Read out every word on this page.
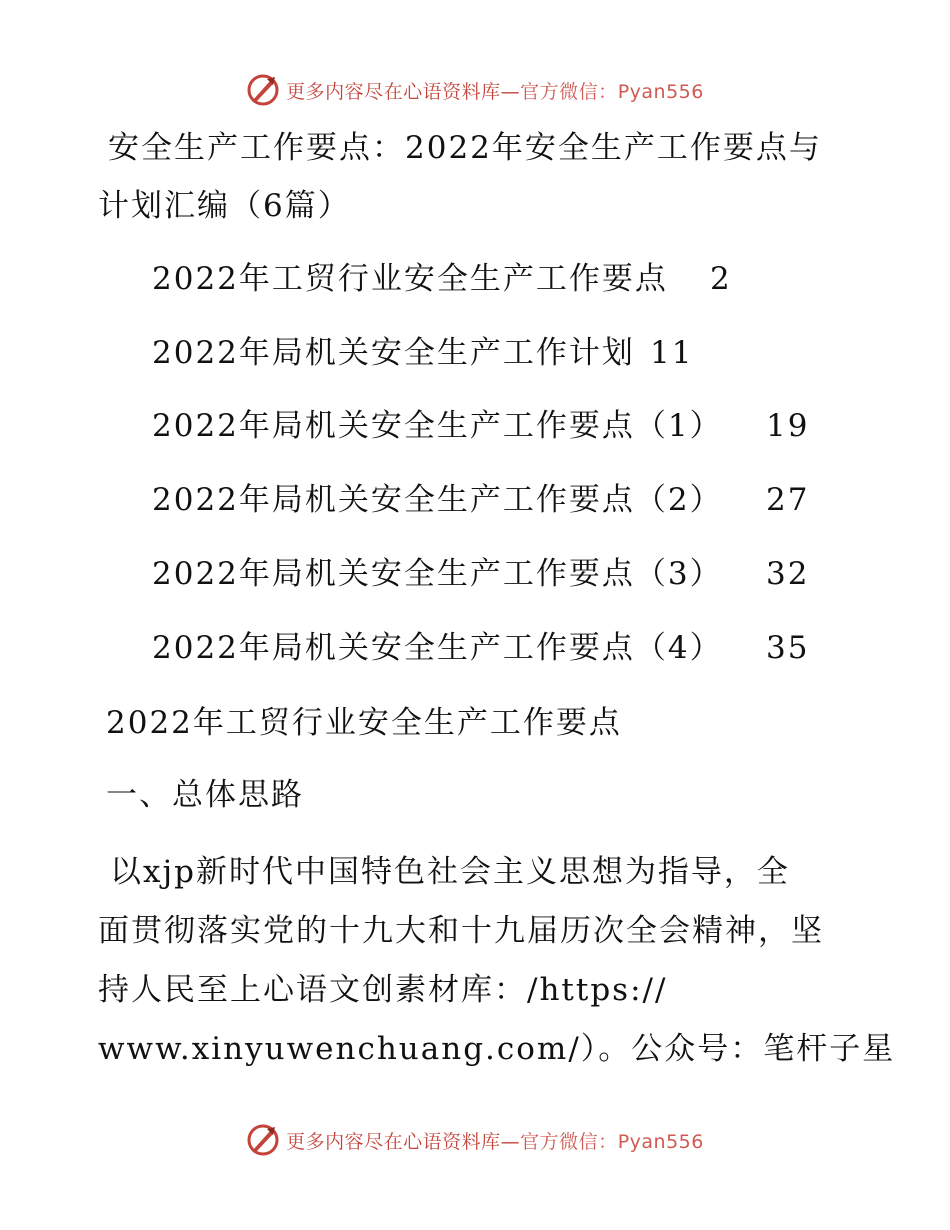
更多内容尽在心语资料库—官方微信：Pyan556
安全生产工作要点：2022年安全生产工作要点与
计划汇编（6篇）
2022年工贸行业安全生产工作要点 2
2022年局机关安全生产工作计划 11
2022年局机关安全生产工作要点（1） 19
2022年局机关安全生产工作要点（2） 27
2022年局机关安全生产工作要点（3） 32
2022年局机关安全生产工作要点（4） 35
2022年工贸行业安全生产工作要点
一、总体思路
以xjp新时代中国特色社会主义思想为指导，全
面贯彻落实党的十九大和十九届历次全会精神，坚
持人民至上心语文创素材库：/https://
www.xinyuwenchuang.com/）。公众号：笔杆子星
更多内容尽在心语资料库—官方微信：Pyan556
